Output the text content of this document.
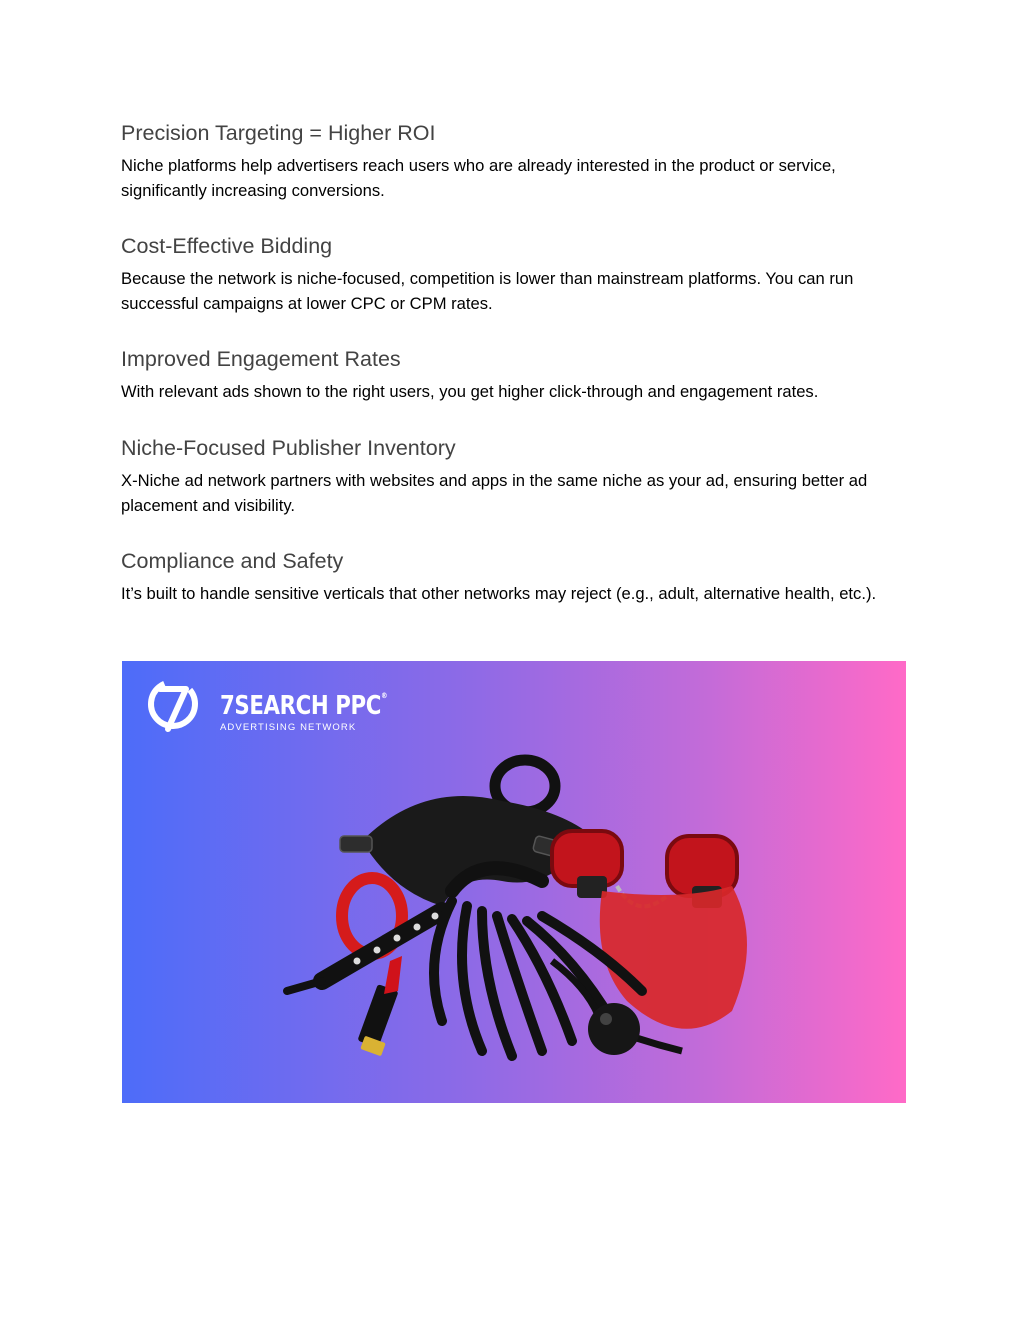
Precision Targeting = Higher ROI

Niche platforms help advertisers reach users who are already interested in the product or service, significantly increasing conversions.

Cost-Effective Bidding

Because the network is niche-focused, competition is lower than mainstream platforms. You can run successful campaigns at lower CPC or CPM rates.

Improved Engagement Rates

With relevant ads shown to the right users, you get higher click-through and engagement rates.

Niche-Focused Publisher Inventory

X-Niche ad network partners with websites and apps in the same niche as your ad, ensuring better ad placement and visibility.

Compliance and Safety

It’s built to handle sensitive verticals that other networks may reject (e.g., adult, alternative health, etc.).

7SEARCH PPC®
ADVERTISING NETWORK
